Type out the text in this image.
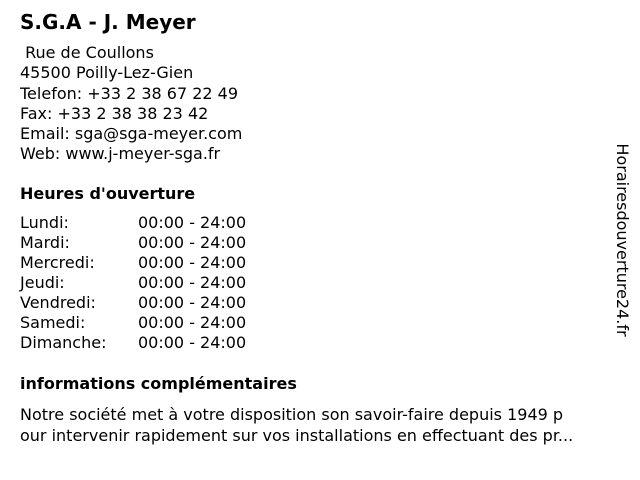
S.G.A - J. Meyer
Rue de Coullons
45500 Poilly-Lez-Gien
Telefon: +33 2 38 67 22 49
Fax: +33 2 38 38 23 42
Email: sga@sga-meyer.com
Web: www.j-meyer-sga.fr
Heures d'ouverture
Lundi:	00:00 - 24:00
Mardi:	00:00 - 24:00
Mercredi:	00:00 - 24:00
Jeudi:	00:00 - 24:00
Vendredi:	00:00 - 24:00
Samedi:	00:00 - 24:00
Dimanche:	00:00 - 24:00
informations complémentaires
Notre société met à votre disposition son savoir-faire depuis 1949 p
our intervenir rapidement sur vos installations en effectuant des pr...
Horairesdouverture24.fr
